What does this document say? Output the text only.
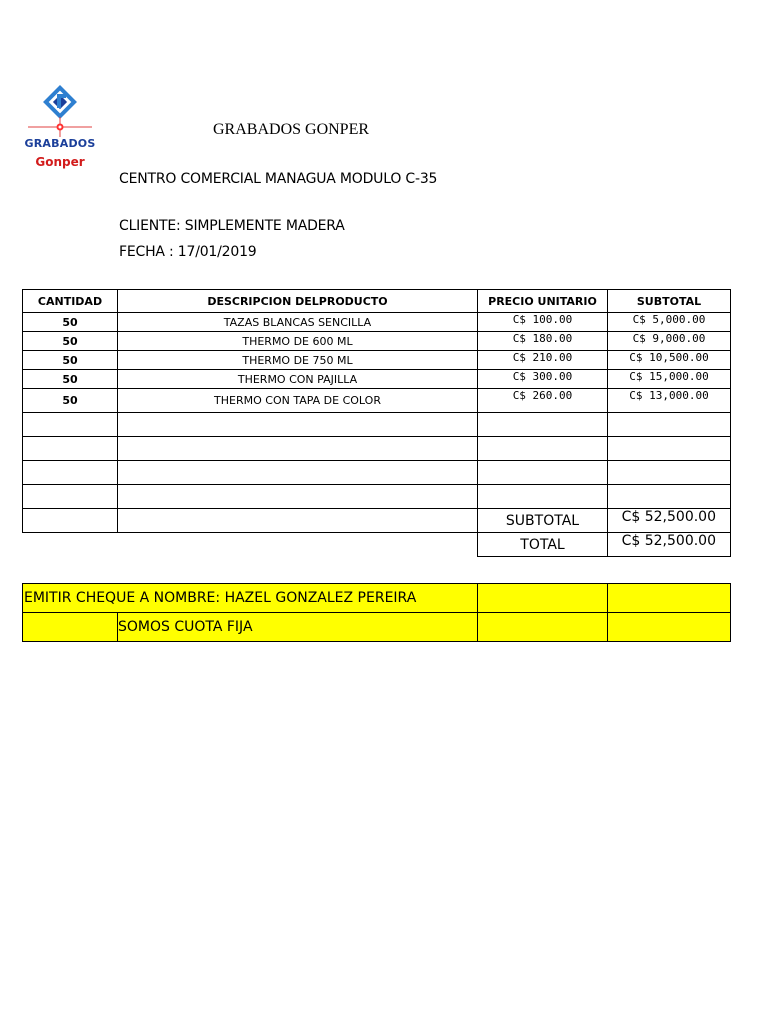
GRABADOS
Gonper
GRABADOS GONPER
CENTRO COMERCIAL MANAGUA MODULO C-35
CLIENTE: SIMPLEMENTE MADERA
FECHA : 17/01/2019
CANTIDAD	DESCRIPCION DELPRODUCTO	PRECIO UNITARIO	SUBTOTAL
50	TAZAS BLANCAS SENCILLA	C$ 100.00	C$ 5,000.00
50	THERMO DE 600 ML	C$ 180.00	C$ 9,000.00
50	THERMO DE 750 ML	C$ 210.00	C$ 10,500.00
50	THERMO CON PAJILLA	C$ 300.00	C$ 15,000.00
50	THERMO CON TAPA DE COLOR	C$ 260.00	C$ 13,000.00

		SUBTOTAL	C$ 52,500.00
		TOTAL	C$ 52,500.00
EMITIR CHEQUE A NOMBRE: HAZEL GONZALEZ PEREIRA			
	SOMOS CUOTA FIJA		
